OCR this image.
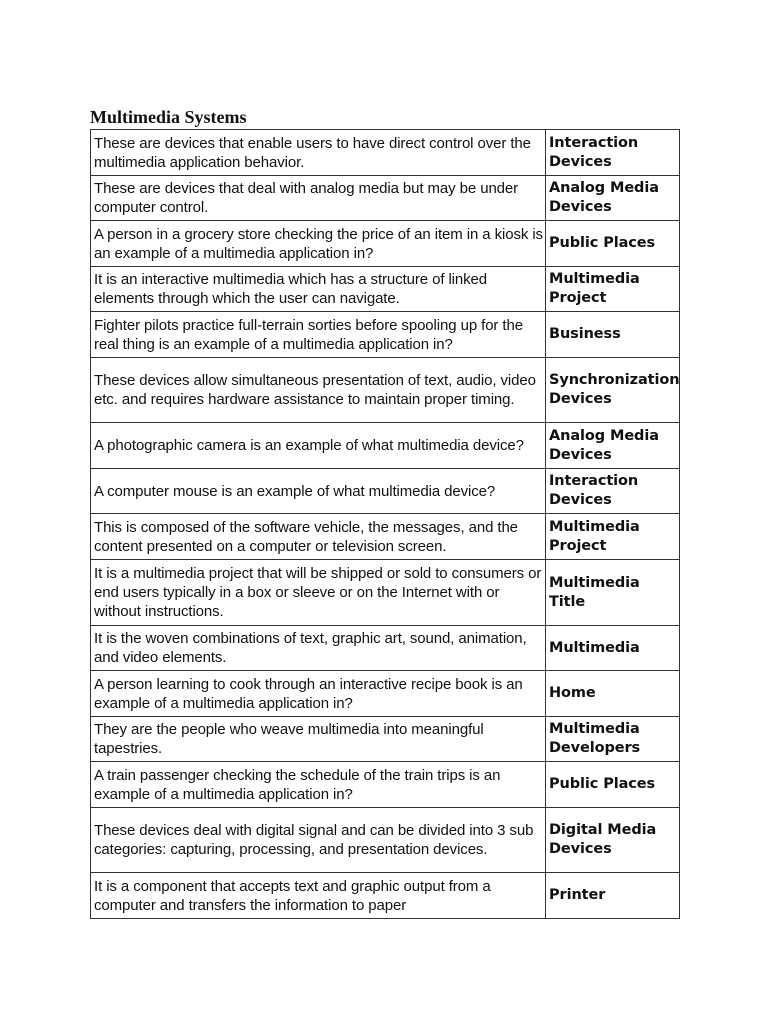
Multimedia Systems
These are devices that enable users to have direct control over the multimedia application behavior.	Interaction Devices
These are devices that deal with analog media but may be under computer control.	Analog Media Devices
A person in a grocery store checking the price of an item in a kiosk is an example of a multimedia application in?	Public Places
It is an interactive multimedia which has a structure of linked elements through which the user can navigate.	Multimedia Project
Fighter pilots practice full-terrain sorties before spooling up for the real thing is an example of a multimedia application in?	Business
These devices allow simultaneous presentation of text, audio, video etc. and requires hardware assistance to maintain proper timing.	Synchronization Devices
A photographic camera is an example of what multimedia device?	Analog Media Devices
A computer mouse is an example of what multimedia device?	Interaction Devices
This is composed of the software vehicle, the messages, and the content presented on a computer or television screen.	Multimedia Project
It is a multimedia project that will be shipped or sold to consumers or end users typically in a box or sleeve or on the Internet with or without instructions.	Multimedia Title
It is the woven combinations of text, graphic art, sound, animation, and video elements.	Multimedia
A person learning to cook through an interactive recipe book is an example of a multimedia application in?	Home
They are the people who weave multimedia into meaningful tapestries.	Multimedia Developers
A train passenger checking the schedule of the train trips is an example of a multimedia application in?	Public Places
These devices deal with digital signal and can be divided into 3 sub categories: capturing, processing, and presentation devices.	Digital Media Devices
It is a component that accepts text and graphic output from a computer and transfers the information to paper	Printer
